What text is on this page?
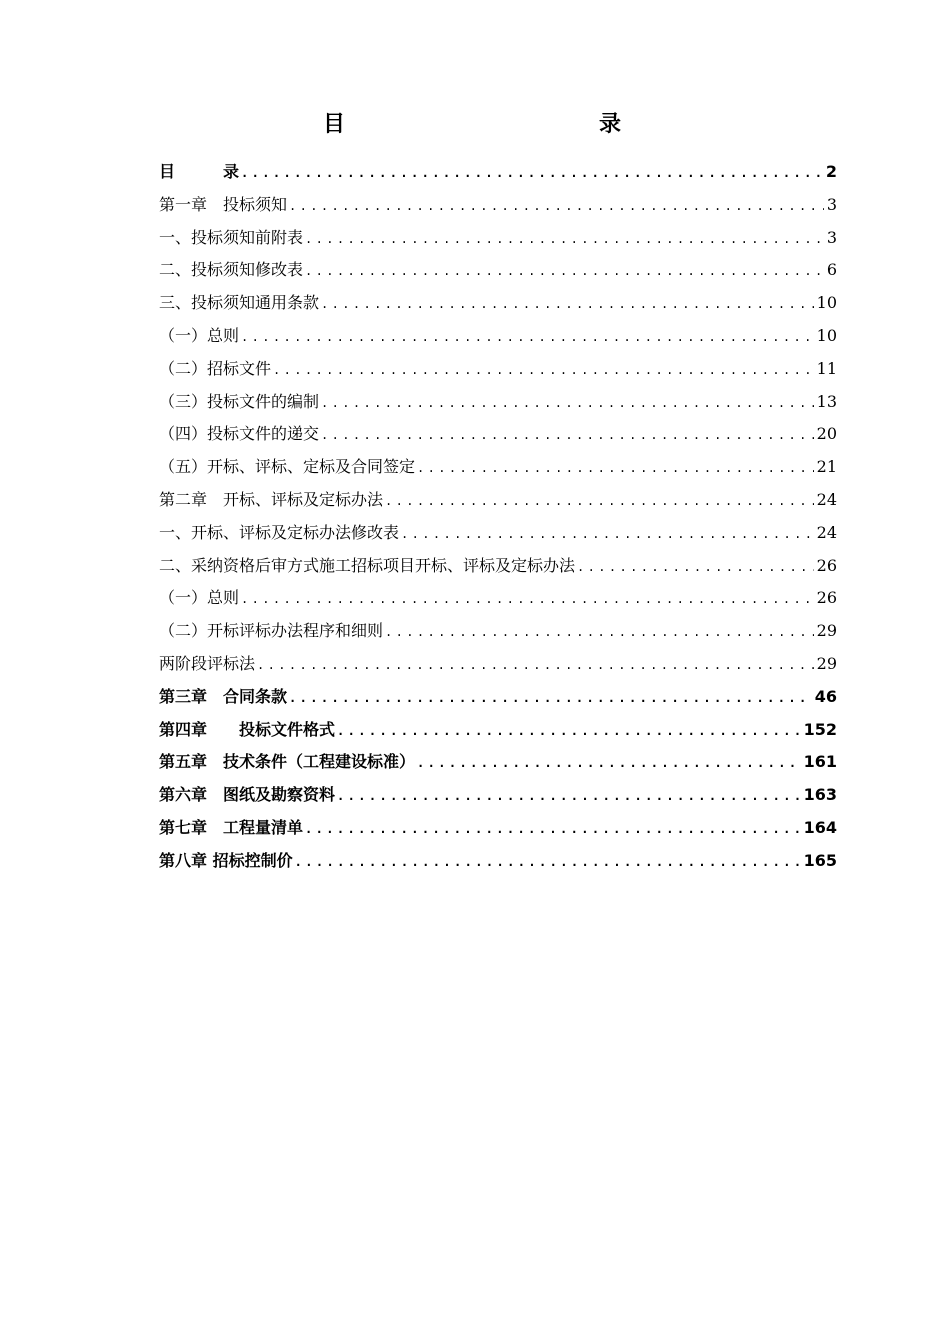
目　　录
目　　　录 .....	2
第一章　投标须知 .....	3
一、投标须知前附表 .....	3
二、投标须知修改表 .....	6
三、投标须知通用条款 .....	10
（一）总则 .....	10
（二）招标文件 .....	11
（三）投标文件的编制 .....	13
（四）投标文件的递交 .....	20
（五）开标、评标、定标及合同签定 .....	21
第二章　开标、评标及定标办法 .....	24
一、开标、评标及定标办法修改表 .....	24
二、采纳资格后审方式施工招标项目开标、评标及定标办法 .....	26
（一）总则 .....	26
（二）开标评标办法程序和细则 .....	29
两阶段评标法 .....	29
第三章　合同条款 .....	46
第四章　　投标文件格式 .....	152
第五章　技术条件（工程建设标准） .....	161
第六章　图纸及勘察资料 .....	163
第七章　工程量清单 .....	164
第八章 招标控制价 .....	165
